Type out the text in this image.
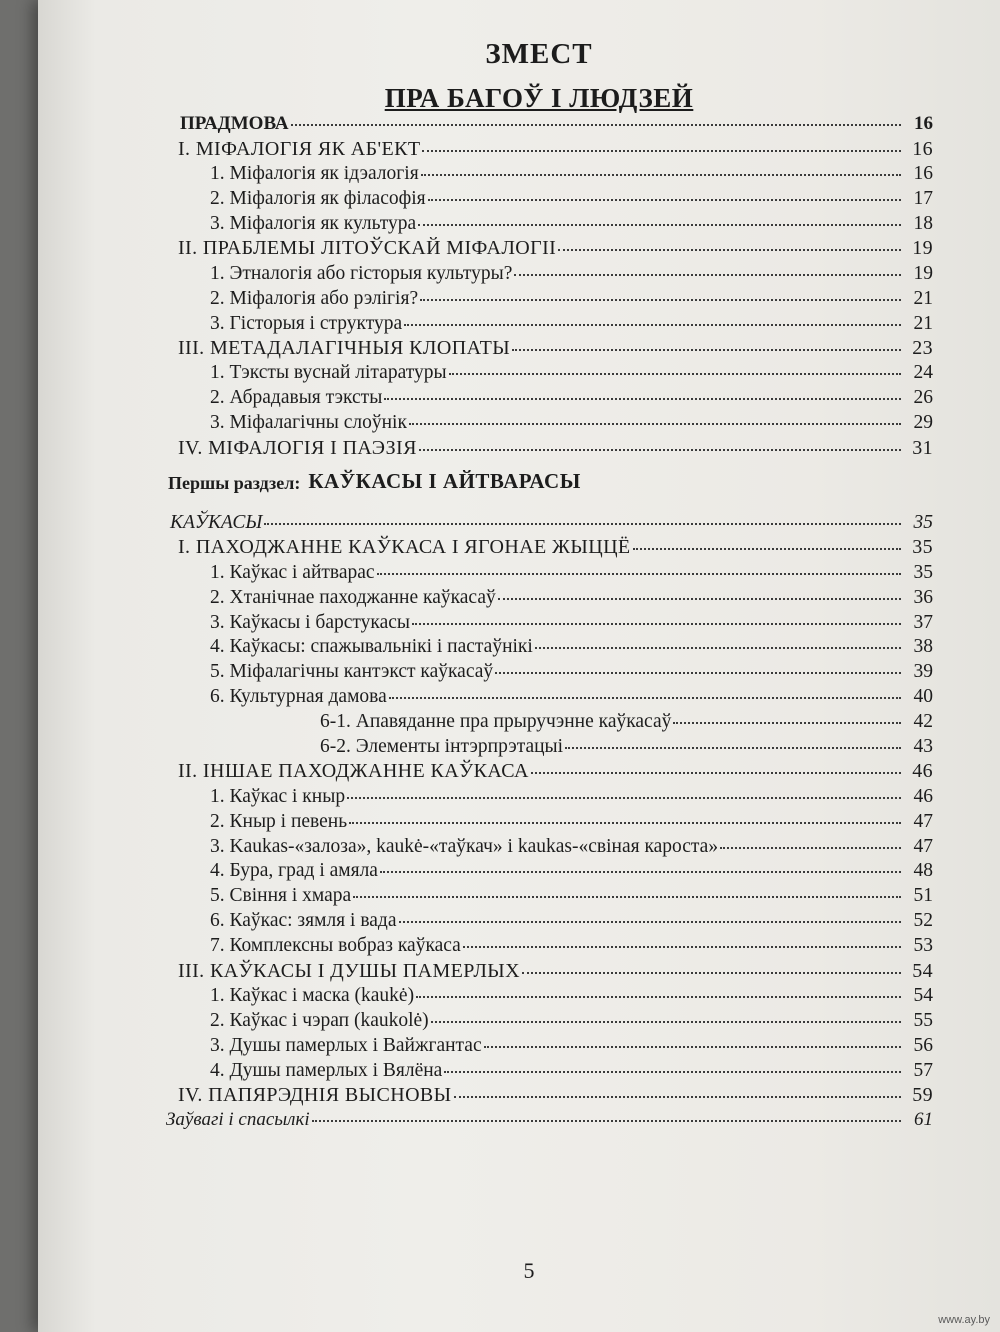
ЗМЕСТ
ПРА БАГОЎ І ЛЮДЗЕЙ
ПРАДМОВА	16
І. МІФАЛОГІЯ ЯК АБ'ЕКТ	16
1. Міфалогія як ідэалогія	16
2. Міфалогія як філасофія	17
3. Міфалогія як культура	18
ІІ. ПРАБЛЕМЫ ЛІТОЎСКАЙ МІФАЛОГІІ	19
1. Этналогія або гісторыя культуры?	19
2. Міфалогія або рэлігія?	21
3. Гісторыя і структура	21
ІІІ. МЕТАДАЛАГІЧНЫЯ КЛОПАТЫ	23
1. Тэксты вуснай літаратуры	24
2. Абрадавыя тэксты	26
3. Міфалагічны слоўнік	29
IV. МІФАЛОГІЯ І ПАЭЗІЯ	31
Першы раздзел: КАЎКАСЫ І АЙТВАРАСЫ
КАЎКАСЫ	35
І. ПАХОДЖАННЕ КАЎКАСА І ЯГОНАЕ ЖЫЦЦЁ	35
1. Каўкас і айтварас	35
2. Хтанічнае паходжанне каўкасаў	36
3. Каўкасы і барстукасы	37
4. Каўкасы: спажывальнікі і пастаўнікі	38
5. Міфалагічны кантэкст каўкасаў	39
6. Культурная дамова	40
6-1. Апавяданне пра прыручэнне каўкасаў	42
6-2. Элементы інтэрпрэтацыі	43
ІІ. ІНШАЕ ПАХОДЖАННЕ КАЎКАСА	46
1. Каўкас і кныр	46
2. Кныр і певень	47
3. Kaukas-«залоза», kaukė-«таўкач» і kaukas-«свіная кароста»	47
4. Бура, град і амяла	48
5. Свіння і хмара	51
6. Каўкас: зямля і вада	52
7. Комплексны вобраз каўкаса	53
ІІІ. КАЎКАСЫ І ДУШЫ ПАМЕРЛЫХ	54
1. Каўкас і маска (kaukė)	54
2. Каўкас і чэрап (kaukolė)	55
3. Душы памерлых і Вайжгантас	56
4. Душы памерлых і Вялёна	57
IV. ПАПЯРЭДНІЯ ВЫСНОВЫ	59
Заўвагі і спасылкі	61
5
www.ay.by
